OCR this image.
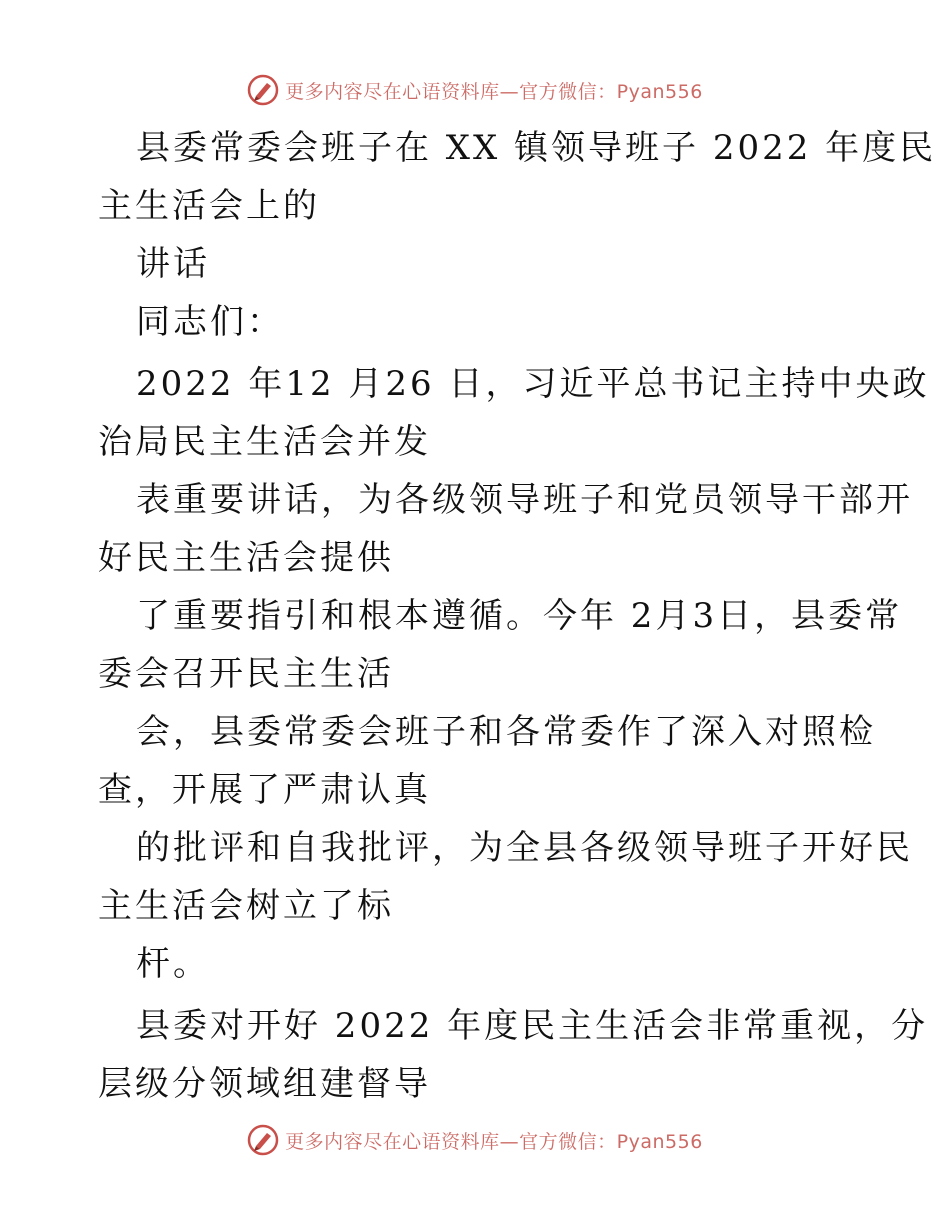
更多内容尽在心语资料库—官方微信：Pyan556
县委常委会班子在 XX 镇领导班子 2022 年度民
主生活会上的
讲话
同志们：
2022 年12 月26 日，习近平总书记主持中央政
治局民主生活会并发
表重要讲话，为各级领导班子和党员领导干部开
好民主生活会提供
了重要指引和根本遵循。今年 2月3日，县委常
委会召开民主生活
会，县委常委会班子和各常委作了深入对照检
查，开展了严肃认真
的批评和自我批评，为全县各级领导班子开好民
主生活会树立了标
杆。
县委对开好 2022 年度民主生活会非常重视，分
层级分领域组建督导
更多内容尽在心语资料库—官方微信：Pyan556
